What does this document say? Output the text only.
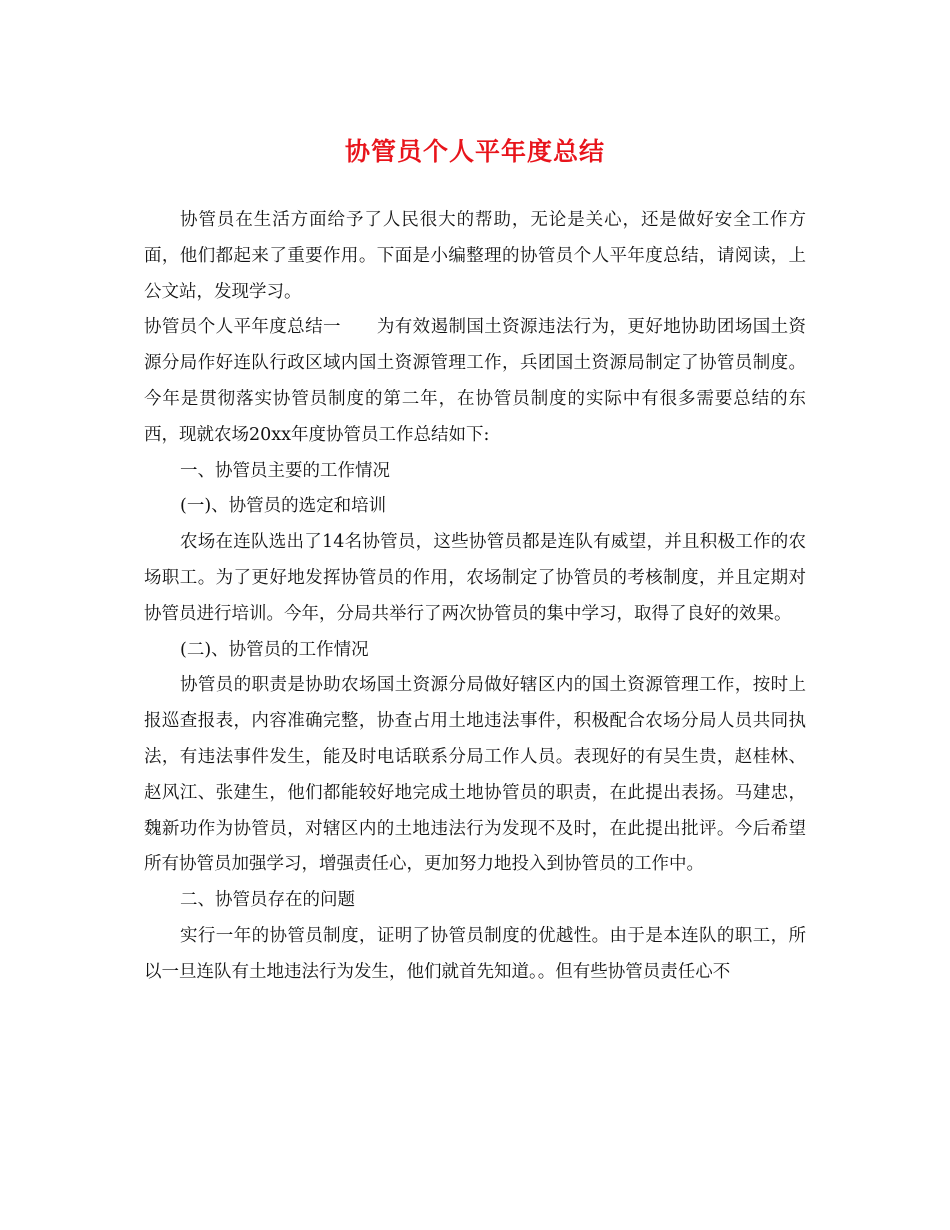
协管员个人平年度总结

协管员在生活方面给予了人民很大的帮助，无论是关心，还是做好安全工作方面，他们都起来了重要作用。下面是小编整理的协管员个人平年度总结，请阅读，上公文站，发现学习。

协管员个人平年度总结一 为有效遏制国土资源违法行为，更好地协助团场国土资源分局作好连队行政区域内国土资源管理工作，兵团国土资源局制定了协管员制度。今年是贯彻落实协管员制度的第二年，在协管员制度的实际中有很多需要总结的东西，现就农场20xx年度协管员工作总结如下:

一、协管员主要的工作情况

(一)、协管员的选定和培训

农场在连队选出了14名协管员，这些协管员都是连队有威望，并且积极工作的农场职工。为了更好地发挥协管员的作用，农场制定了协管员的考核制度，并且定期对协管员进行培训。今年，分局共举行了两次协管员的集中学习，取得了良好的效果。

(二)、协管员的工作情况

协管员的职责是协助农场国土资源分局做好辖区内的国土资源管理工作，按时上报巡查报表，内容准确完整，协查占用土地违法事件，积极配合农场分局人员共同执法，有违法事件发生，能及时电话联系分局工作人员。表现好的有吴生贵，赵桂林、赵风江、张建生，他们都能较好地完成土地协管员的职责，在此提出表扬。马建忠，魏新功作为协管员，对辖区内的土地违法行为发现不及时，在此提出批评。今后希望所有协管员加强学习，增强责任心，更加努力地投入到协管员的工作中。

二、协管员存在的问题

实行一年的协管员制度，证明了协管员制度的优越性。由于是本连队的职工，所以一旦连队有土地违法行为发生，他们就首先知道。。但有些协管员责任心不
